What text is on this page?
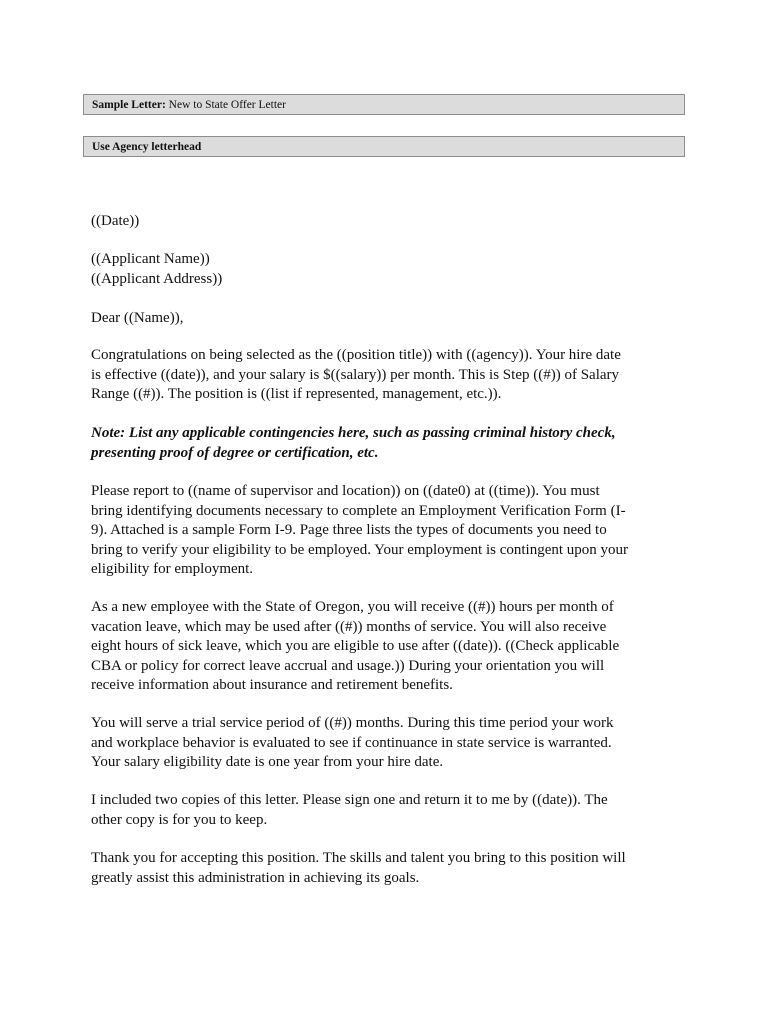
Sample Letter: New to State Offer Letter
Use Agency letterhead

((Date))

((Applicant Name))

((Applicant Address))

Dear ((Name)),

Congratulations on being selected as the ((position title)) with ((agency)). Your hire date

is effective ((date)), and your salary is $((salary)) per month. This is Step ((#)) of Salary

Range ((#)). The position is ((list if represented, management, etc.)).

Note: List any applicable contingencies here, such as passing criminal history check,

presenting proof of degree or certification, etc.

Please report to ((name of supervisor and location)) on ((date0) at ((time)). You must

bring identifying documents necessary to complete an Employment Verification Form (I-

9). Attached is a sample Form I-9. Page three lists the types of documents you need to

bring to verify your eligibility to be employed. Your employment is contingent upon your

eligibility for employment.

As a new employee with the State of Oregon, you will receive ((#)) hours per month of

vacation leave, which may be used after ((#)) months of service. You will also receive

eight hours of sick leave, which you are eligible to use after ((date)). ((Check applicable

CBA or policy for correct leave accrual and usage.)) During your orientation you will

receive information about insurance and retirement benefits.

You will serve a trial service period of ((#)) months. During this time period your work

and workplace behavior is evaluated to see if continuance in state service is warranted.

Your salary eligibility date is one year from your hire date.

I included two copies of this letter. Please sign one and return it to me by ((date)). The

other copy is for you to keep.

Thank you for accepting this position. The skills and talent you bring to this position will

greatly assist this administration in achieving its goals.
